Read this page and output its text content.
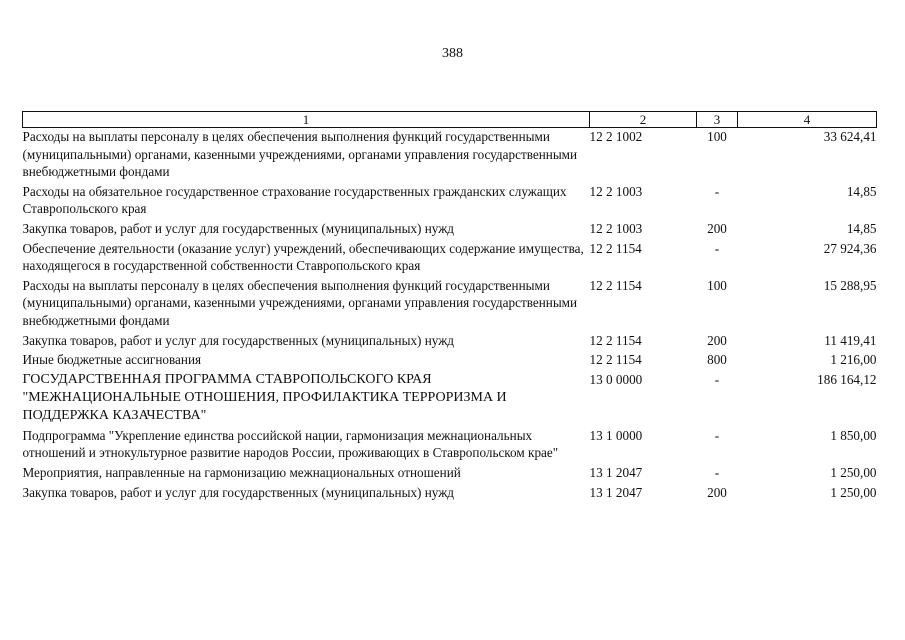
388
1	2	3	4
Расходы на выплаты персоналу в целях обеспечения выполнения функций государственными (муниципальными) органами, казенными учреждениями, органами управления государственными внебюджетными фондами	12 2 1002	100	33 624,41
Расходы на обязательное государственное страхование государственных гражданских служащих Ставропольского края	12 2 1003	-	14,85
Закупка товаров, работ и услуг для государственных (муниципальных) нужд	12 2 1003	200	14,85
Обеспечение деятельности (оказание услуг) учреждений, обеспечивающих содержание имущества, находящегося в государственной собственности Ставропольского края	12 2 1154	-	27 924,36
Расходы на выплаты персоналу в целях обеспечения выполнения функций государственными (муниципальными) органами, казенными учреждениями, органами управления государственными внебюджетными фондами	12 2 1154	100	15 288,95
Закупка товаров, работ и услуг для государственных (муниципальных) нужд	12 2 1154	200	11 419,41
Иные бюджетные ассигнования	12 2 1154	800	1 216,00
ГОСУДАРСТВЕННАЯ ПРОГРАММА СТАВРОПОЛЬСКОГО КРАЯ "МЕЖНАЦИОНАЛЬНЫЕ ОТНОШЕНИЯ, ПРОФИЛАКТИКА ТЕРРОРИЗМА И ПОДДЕРЖКА КАЗАЧЕСТВА"	13 0 0000	-	186 164,12
Подпрограмма "Укрепление единства российской нации, гармонизация межнациональных отношений и этнокультурное развитие народов России, проживающих в Ставропольском крае"	13 1 0000	-	1 850,00
Мероприятия, направленные на гармонизацию межнациональных отношений	13 1 2047	-	1 250,00
Закупка товаров, работ и услуг для государственных (муниципальных) нужд	13 1 2047	200	1 250,00
